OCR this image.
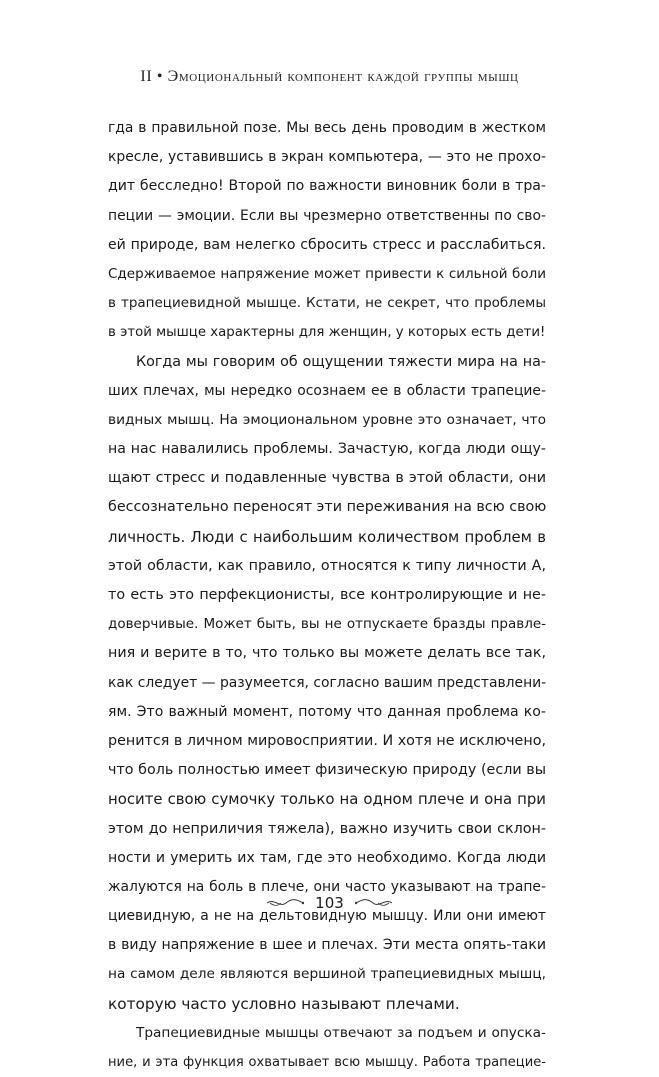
II • Эмоциональный компонент каждой группы мышц
гда в правильной позе. Мы весь день проводим в жестком
кресле, уставившись в экран компьютера, — это не прохо-
дит бесследно! Второй по важности виновник боли в тра-
пеции — эмоции. Если вы чрезмерно ответственны по сво-
ей природе, вам нелегко сбросить стресс и расслабиться.
Сдерживаемое напряжение может привести к сильной боли
в трапециевидной мышце. Кстати, не секрет, что проблемы
в этой мышце характерны для женщин, у которых есть дети!
Когда мы говорим об ощущении тяжести мира на на-
ших плечах, мы нередко осознаем ее в области трапецие-
видных мышц. На эмоциональном уровне это означает, что
на нас навалились проблемы. Зачастую, когда люди ощу-
щают стресс и подавленные чувства в этой области, они
бессознательно переносят эти переживания на всю свою
личность. Люди с наибольшим количеством проблем в
этой области, как правило, относятся к типу личности А,
то есть это перфекционисты, все контролирующие и не-
доверчивые. Может быть, вы не отпускаете бразды правле-
ния и верите в то, что только вы можете делать все так,
как следует — разумеется, согласно вашим представлени-
ям. Это важный момент, потому что данная проблема ко-
ренится в личном мировосприятии. И хотя не исключено,
что боль полностью имеет физическую природу (если вы
носите свою сумочку только на одном плече и она при
этом до неприличия тяжела), важно изучить свои склон-
ности и умерить их там, где это необходимо. Когда люди
жалуются на боль в плече, они часто указывают на трапе-
циевидную, а не на дельтовидную мышцу. Или они имеют
в виду напряжение в шее и плечах. Эти места опять-таки
на самом деле являются вершиной трапециевидных мышц,
которую часто условно называют плечами.
Трапециевидные мышцы отвечают за подъем и опуска-
ние, и эта функция охватывает всю мышцу. Работа трапецие-
103
